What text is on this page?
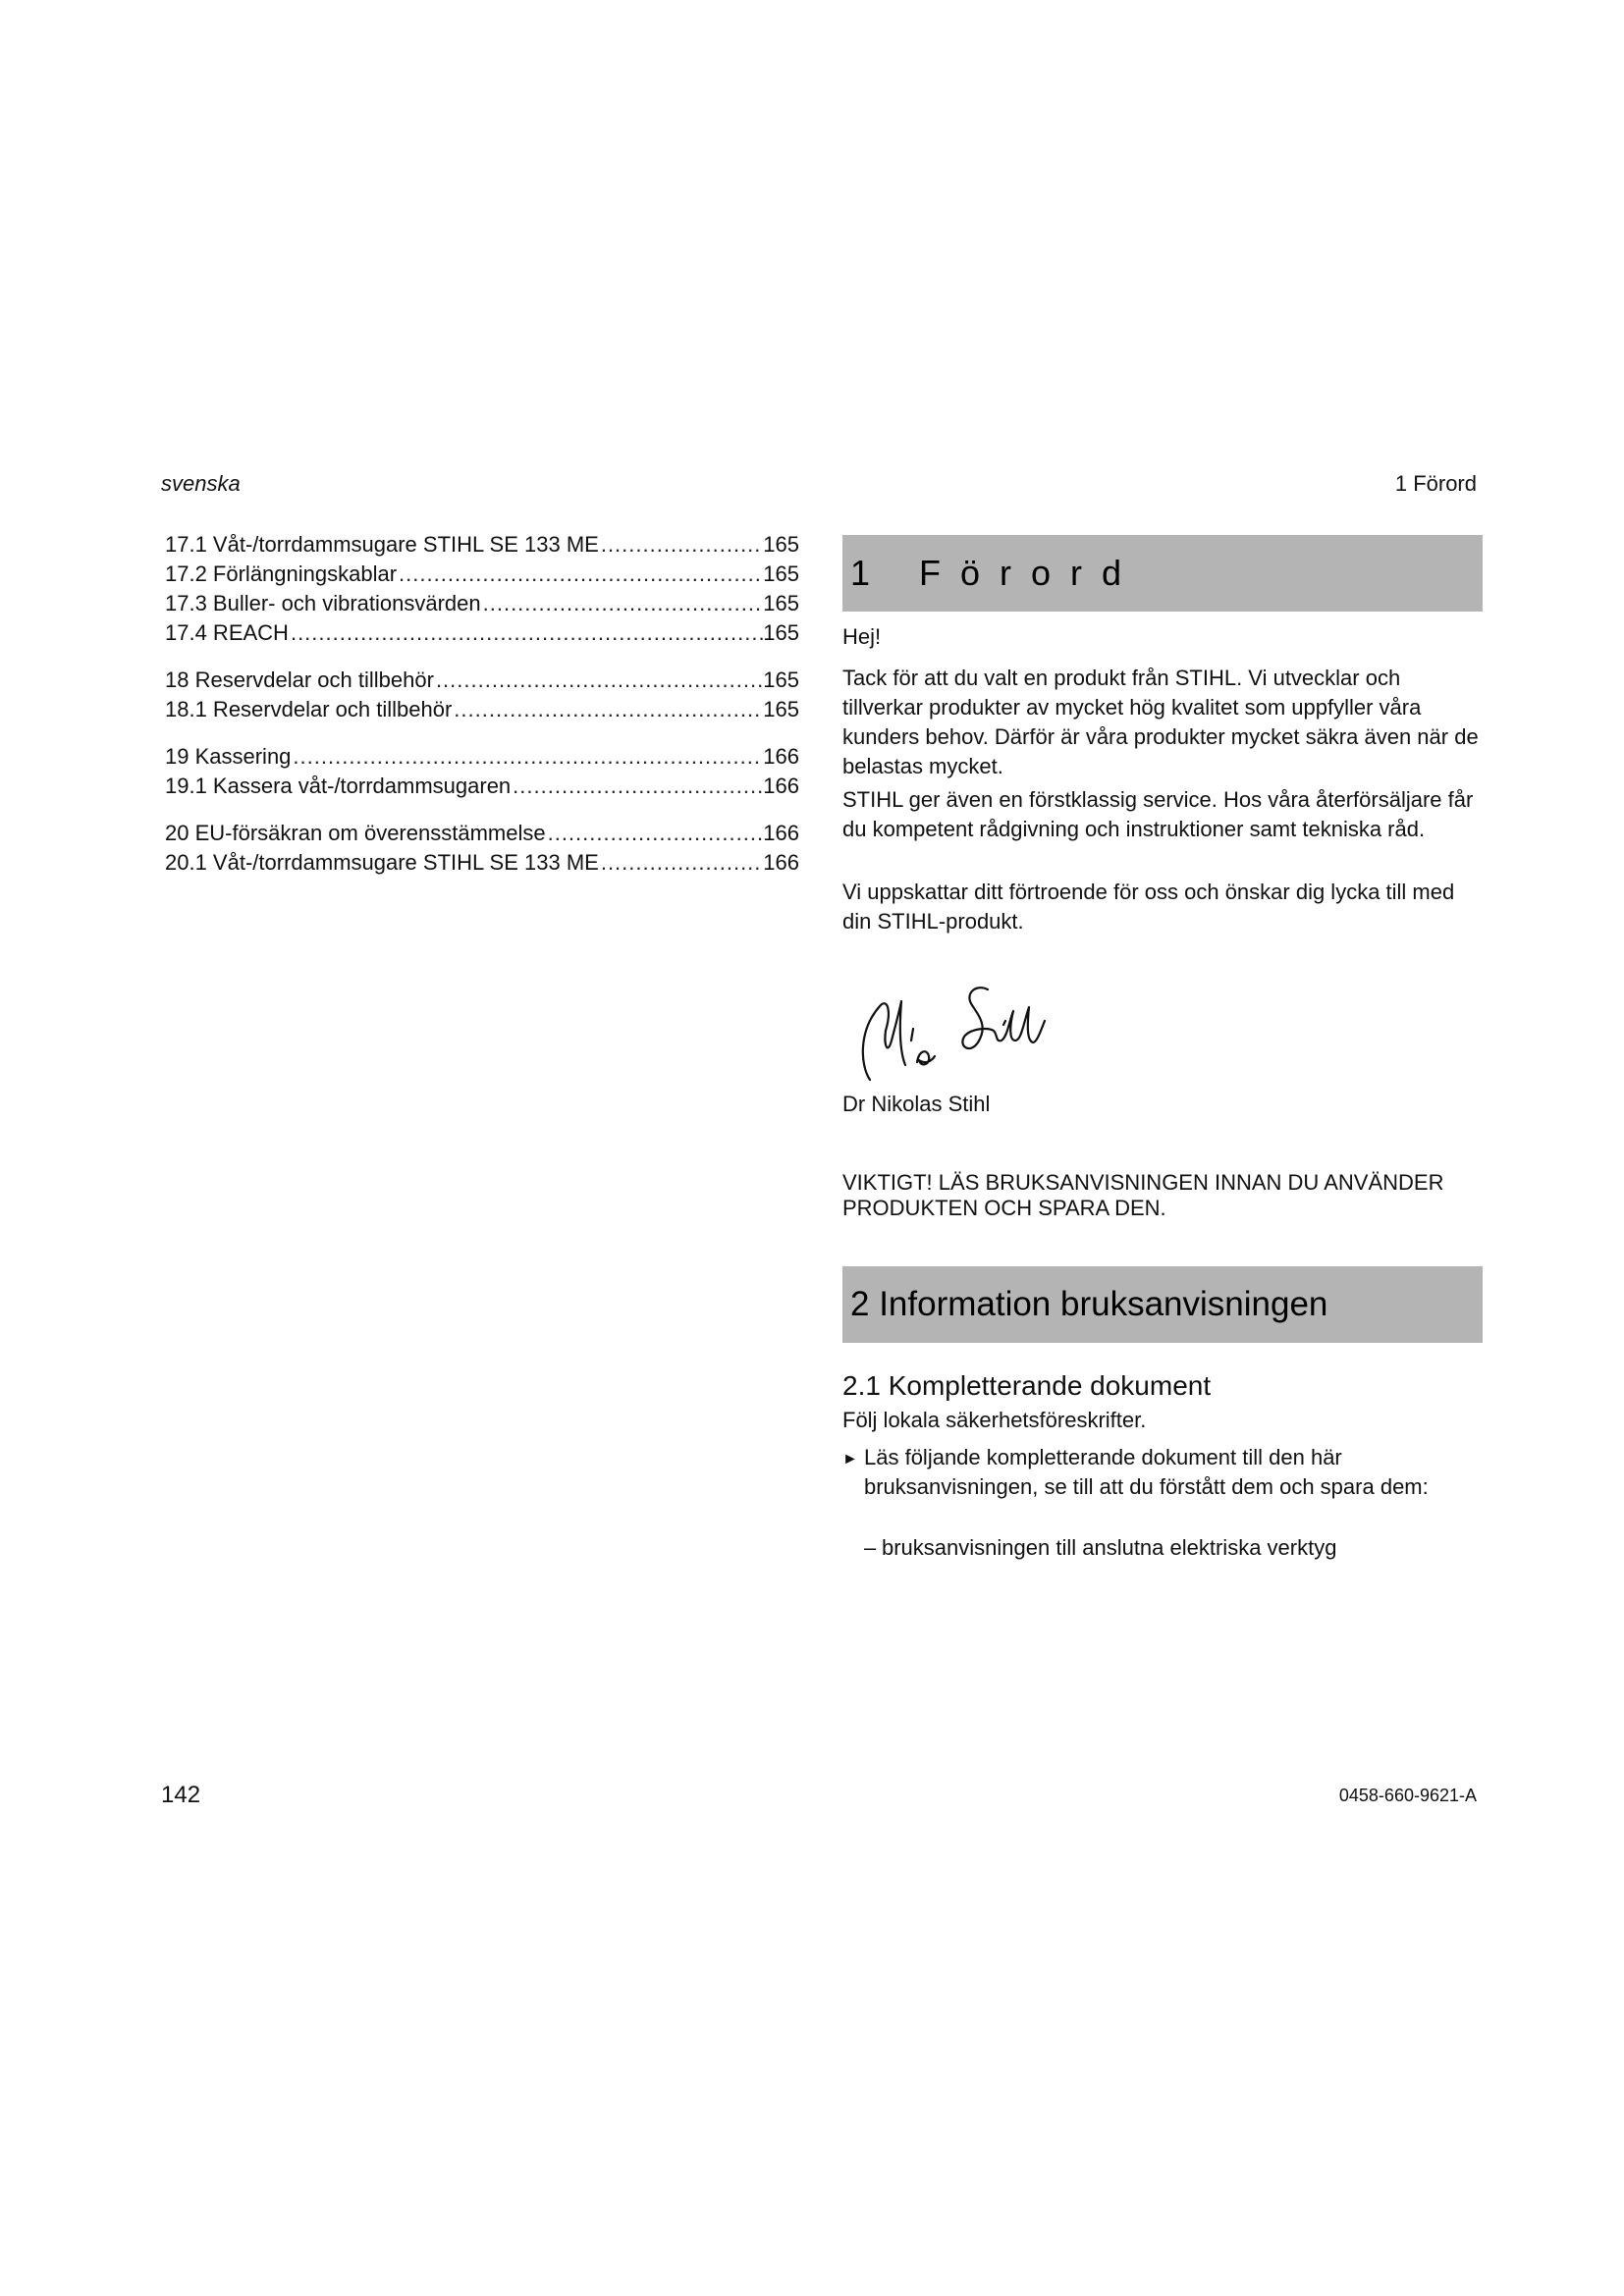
svenska	1 Förord
17.1 Våt-/torrdammsugare STIHL SE 133 ME .....	165
17.2 Förlängningskablar .....	165
17.3 Buller- och vibrationsvärden .....	165
17.4 REACH .....	165
18 Reservdelar och tillbehör .....	165
18.1 Reservdelar och tillbehör .....	165
19 Kassering .....	166
19.1 Kassera våt-/torrdammsugaren .....	166
20 EU-försäkran om överensstämmelse .....	166
20.1 Våt-/torrdammsugare STIHL SE 133 ME .....	166
1 Förord
Hej!
Tack för att du valt en produkt från STIHL. Vi utvecklar och tillverkar produkter av mycket hög kvalitet som uppfyller våra kunders behov. Därför är våra produkter mycket säkra även när de belastas mycket.
STIHL ger även en förstklassig service. Hos våra återförsäljare får du kompetent rådgivning och instruktioner samt tekniska råd.
Vi uppskattar ditt förtroende för oss och önskar dig lycka till med din STIHL-produkt.
Dr Nikolas Stihl
VIKTIGT! LÄS BRUKSANVISNINGEN INNAN DU ANVÄNDER PRODUKTEN OCH SPARA DEN.
2 Information bruksanvisningen
2.1 Kompletterande dokument
Följ lokala säkerhetsföreskrifter.
► Läs följande kompletterande dokument till den här bruksanvisningen, se till att du förstått dem och spara dem:
– bruksanvisningen till anslutna elektriska verktyg
142	0458-660-9621-A
